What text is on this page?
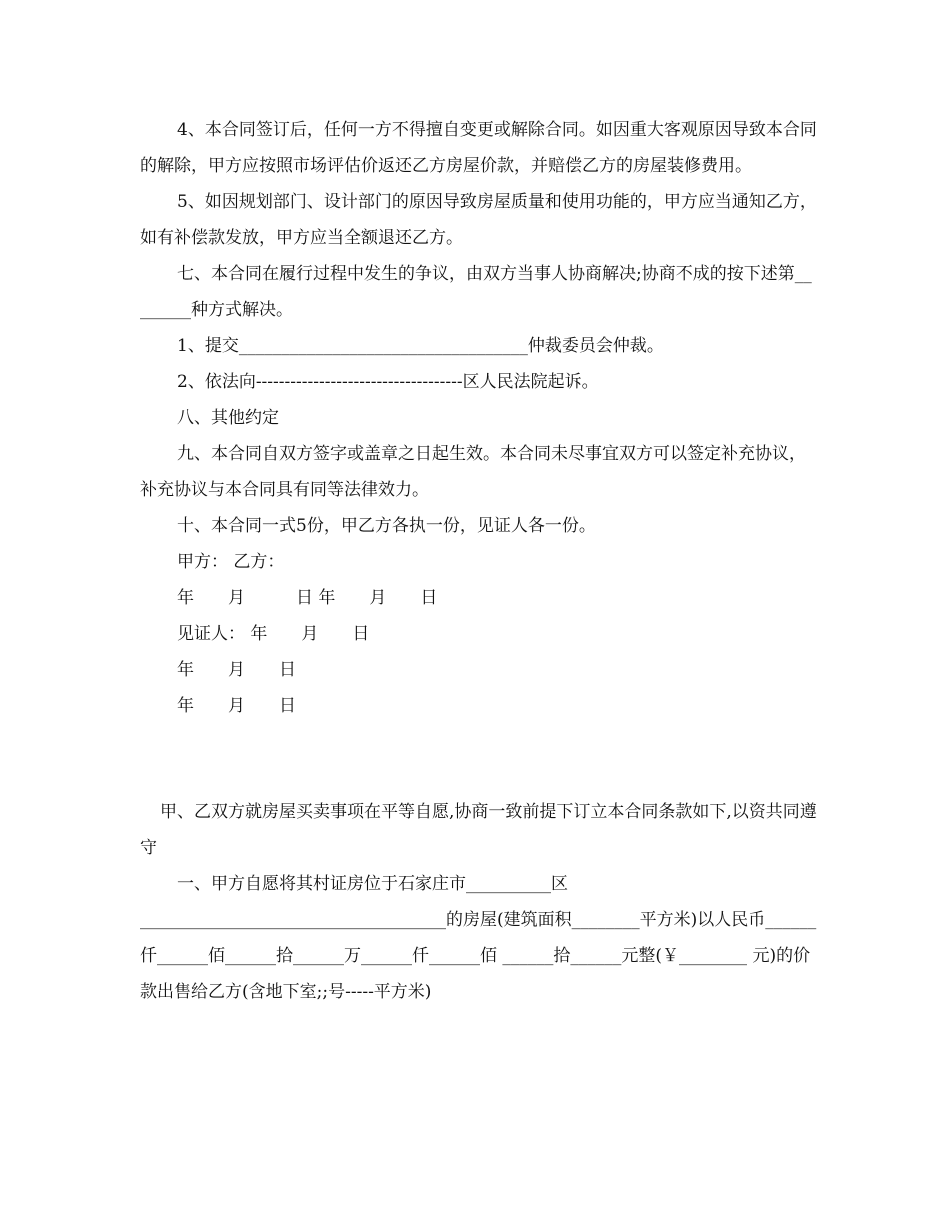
4、本合同签订后，任何一方不得擅自变更或解除合同。如因重大客观原因导致本合同的解除，甲方应按照市场评估价返还乙方房屋价款，并赔偿乙方的房屋装修费用。

5、如因规划部门、设计部门的原因导致房屋质量和使用功能的，甲方应当通知乙方，如有补偿款发放，甲方应当全额退还乙方。

七、本合同在履行过程中发生的争议，由双方当事人协商解决;协商不成的按下述第________种方式解决。

1、提交__________________________________仲裁委员会仲裁。

2、依法向------------------------------------区人民法院起诉。

八、其他约定

九、本合同自双方签字或盖章之日起生效。本合同未尽事宜双方可以签定补充协议，补充协议与本合同具有同等法律效力。

十、本合同一式5份，甲乙方各执一份，见证人各一份。

甲方： 乙方：

年　　月　　　日 年　　月　　日

见证人： 年　　月　　日

年　　月　　日

年　　月　　日

甲、乙双方就房屋买卖事项在平等自愿,协商一致前提下订立本合同条款如下,以资共同遵守

一、甲方自愿将其村证房位于石家庄市__________区

____________________________________的房屋(建筑面积________平方米)以人民币______仟______佰______拾______万______仟______佰 ______拾______元整(￥________ 元)的价款出售给乙方(含地下室;;号-----平方米)
